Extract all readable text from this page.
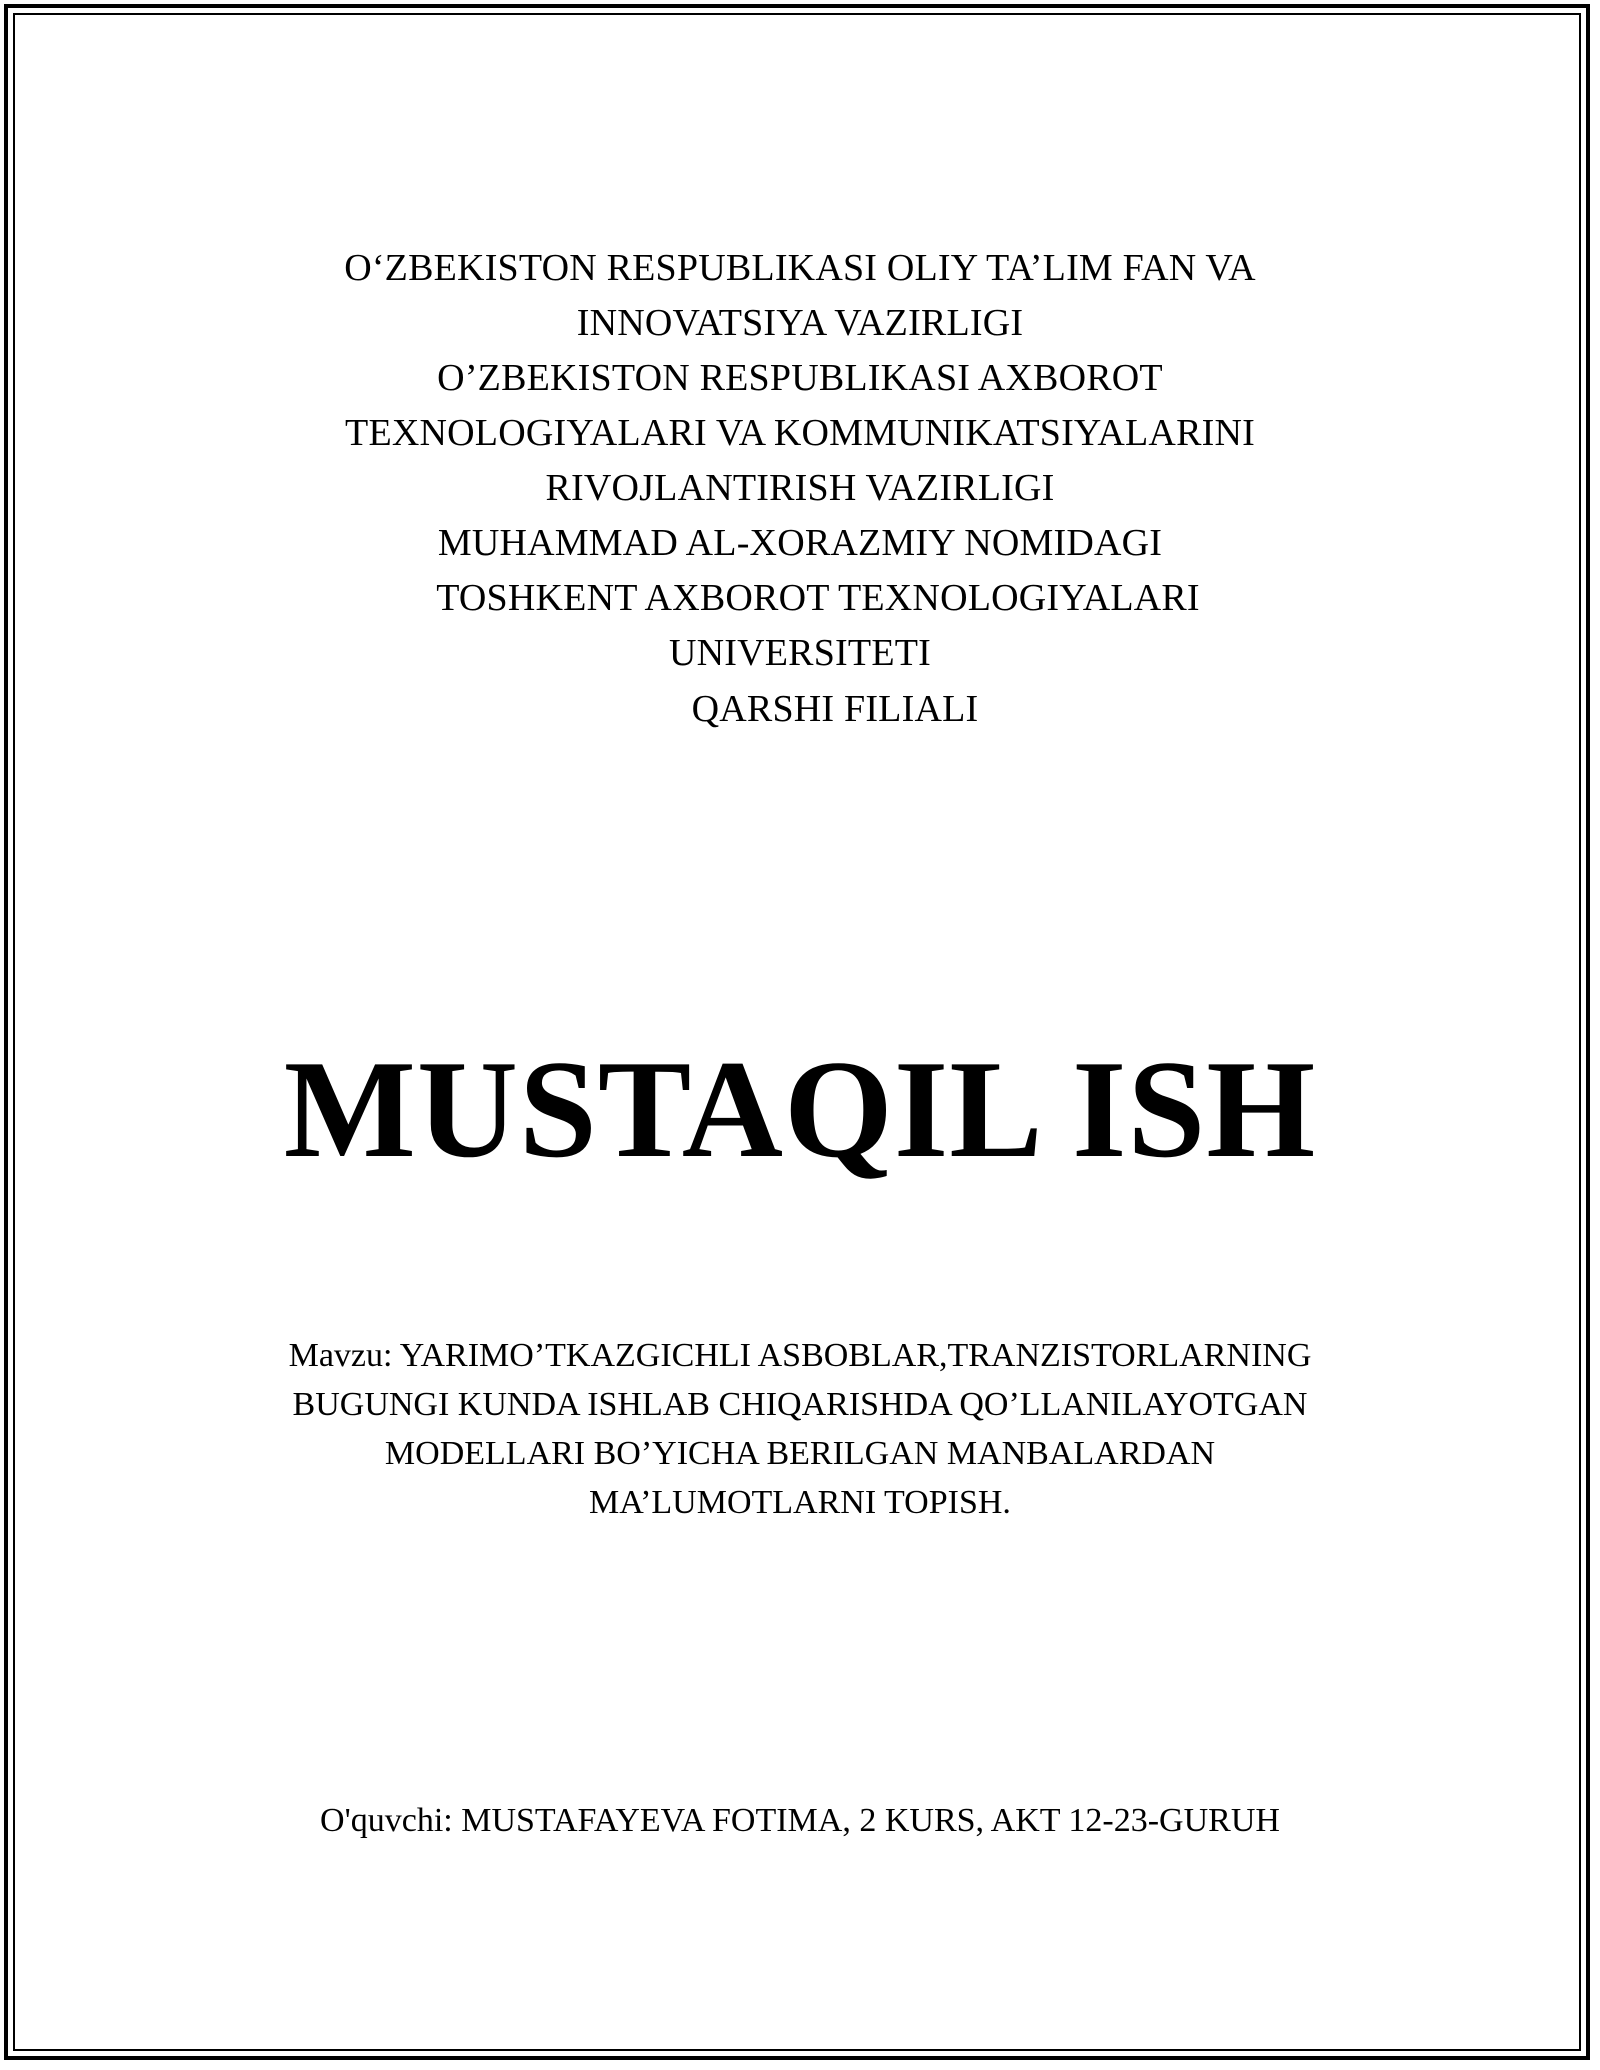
O‘ZBEKISTON RESPUBLIKASI OLIY TA’LIM FAN VA
INNOVATSIYA VAZIRLIGI
O’ZBEKISTON RESPUBLIKASI AXBOROT
TEXNOLOGIYALARI VA KOMMUNIKATSIYALARINI
RIVOJLANTIRISH VAZIRLIGI
MUHAMMAD AL-XORAZMIY NOMIDAGI
TOSHKENT AXBOROT TEXNOLOGIYALARI
UNIVERSITETI
QARSHI FILIALI
MUSTAQIL ISH
Mavzu: YARIMO’TKAZGICHLI ASBOBLAR,TRANZISTORLARNING
BUGUNGI KUNDA ISHLAB CHIQARISHDA QO’LLANILAYOTGAN
MODELLARI BO’YICHA BERILGAN MANBALARDAN
MA’LUMOTLARNI TOPISH.
O'quvchi: MUSTAFAYEVA FOTIMA, 2 KURS, AKT 12-23-GURUH
